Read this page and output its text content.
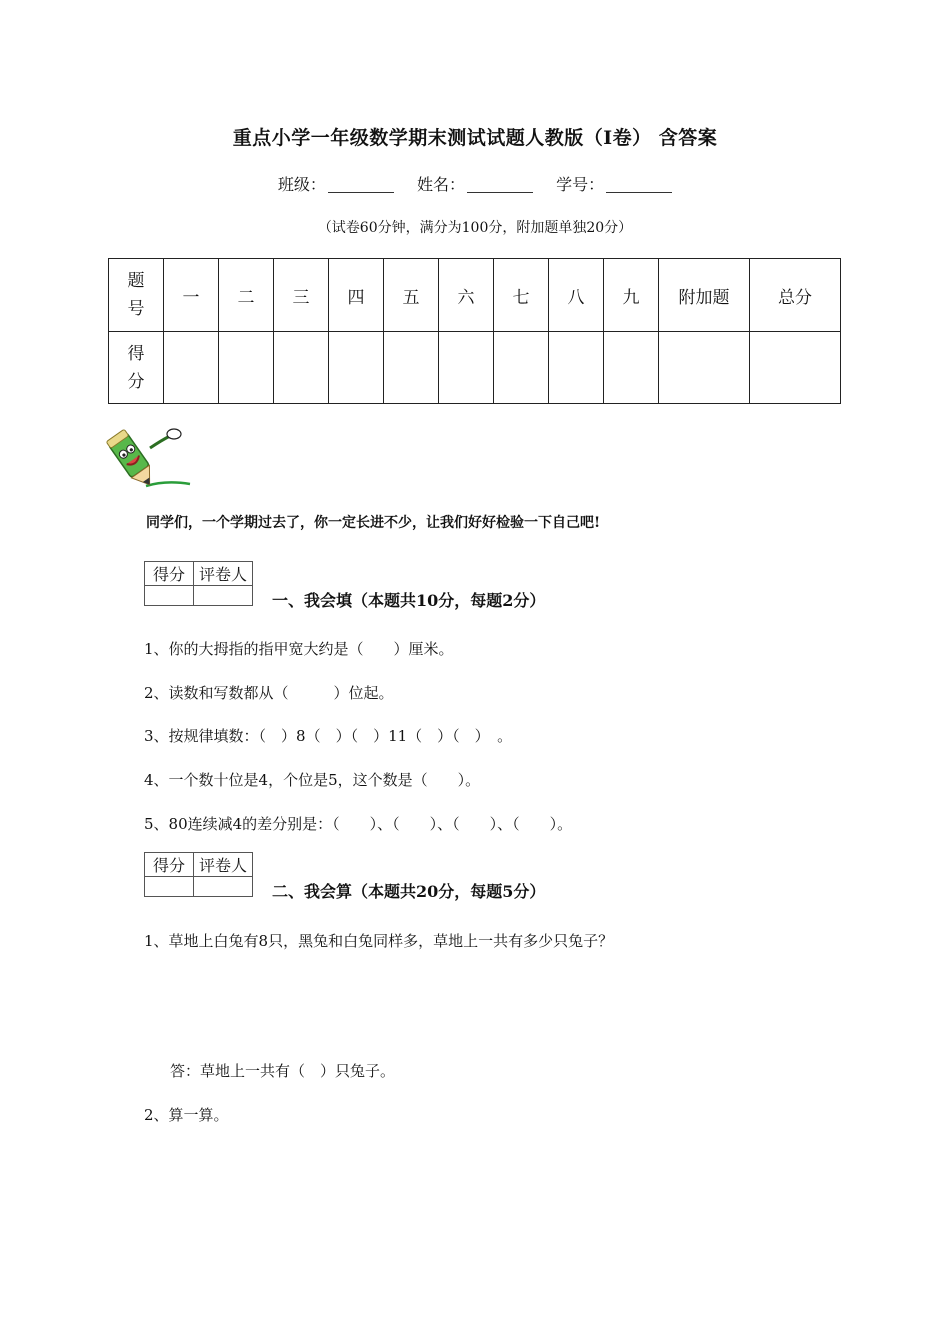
重点小学一年级数学期末测试试题人教版（I卷） 含答案
班级：	姓名：	学号：
（试卷60分钟，满分为100分，附加题单独20分）
题号	一	二	三	四	五	六	七	八	九	附加题	总分
得分											
同学们，一个学期过去了，你一定长进不少，让我们好好检验一下自己吧!
得分	评卷人

一、我会填（本题共10分，每题2分）
1、你的大拇指的指甲宽大约是（　　）厘米。
2、读数和写数都从（　　　）位起。
3、按规律填数：（　）8（　）（　）11（　）（　）　。
4、一个数十位是4，个位是5，这个数是（　　）。
5、80连续减4的差分别是：（　　）、（　　）、（　　）、（　　）。
得分	评卷人

二、我会算（本题共20分，每题5分）
1、草地上白兔有8只，黑兔和白兔同样多，草地上一共有多少只兔子？
答：草地上一共有（　）只兔子。
2、算一算。
